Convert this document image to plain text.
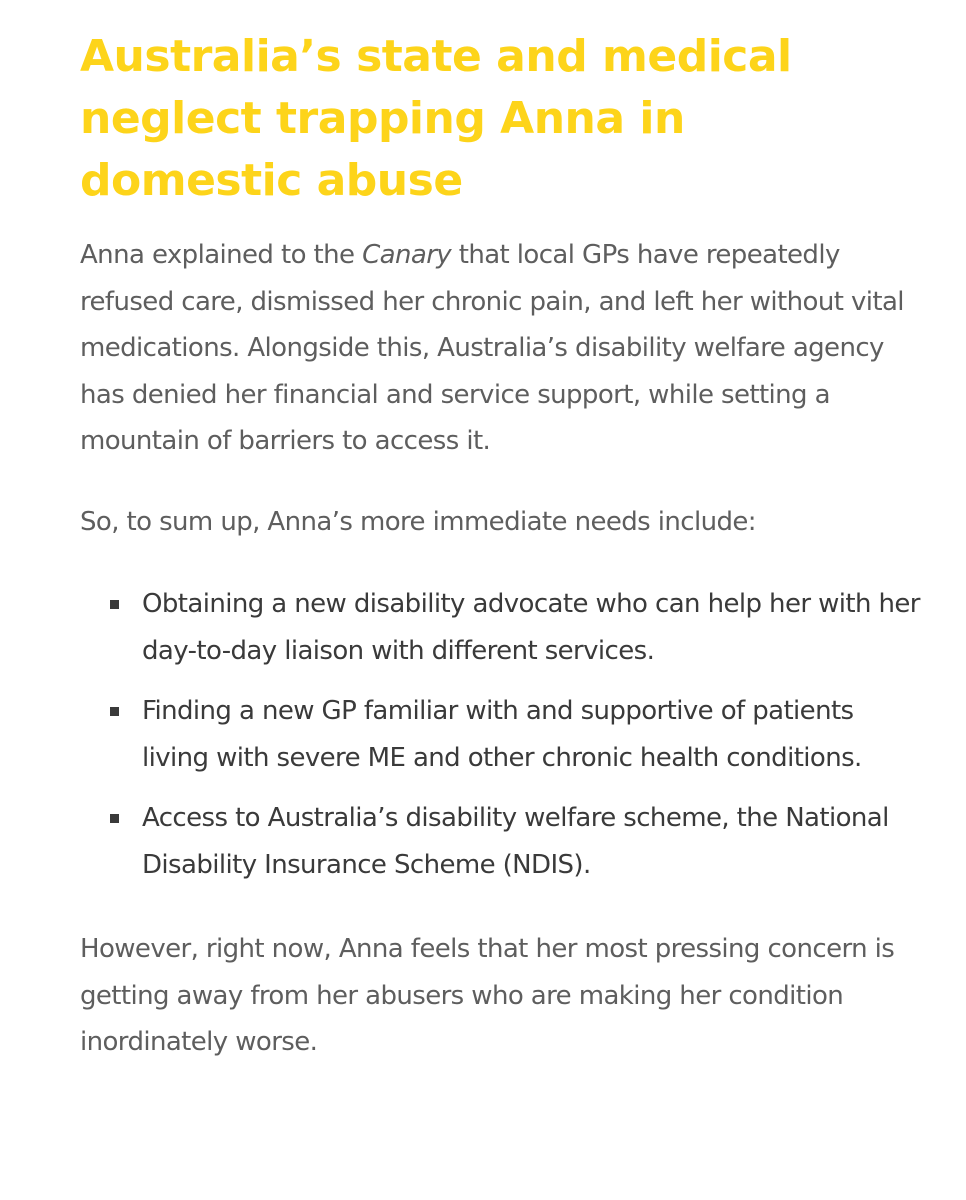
Australia’s state and medical neglect trapping Anna in domestic abuse

Anna explained to the Canary that local GPs have repeatedly refused care, dismissed her chronic pain, and left her without vital medications. Alongside this, Australia’s disability welfare agency has denied her financial and service support, while setting a mountain of barriers to access it.

So, to sum up, Anna’s more immediate needs include:

Obtaining a new disability advocate who can help her with her day-to-day liaison with different services.
Finding a new GP familiar with and supportive of patients living with severe ME and other chronic health conditions.
Access to Australia’s disability welfare scheme, the National Disability Insurance Scheme (NDIS).

However, right now, Anna feels that her most pressing concern is getting away from her abusers who are making her condition inordinately worse.
